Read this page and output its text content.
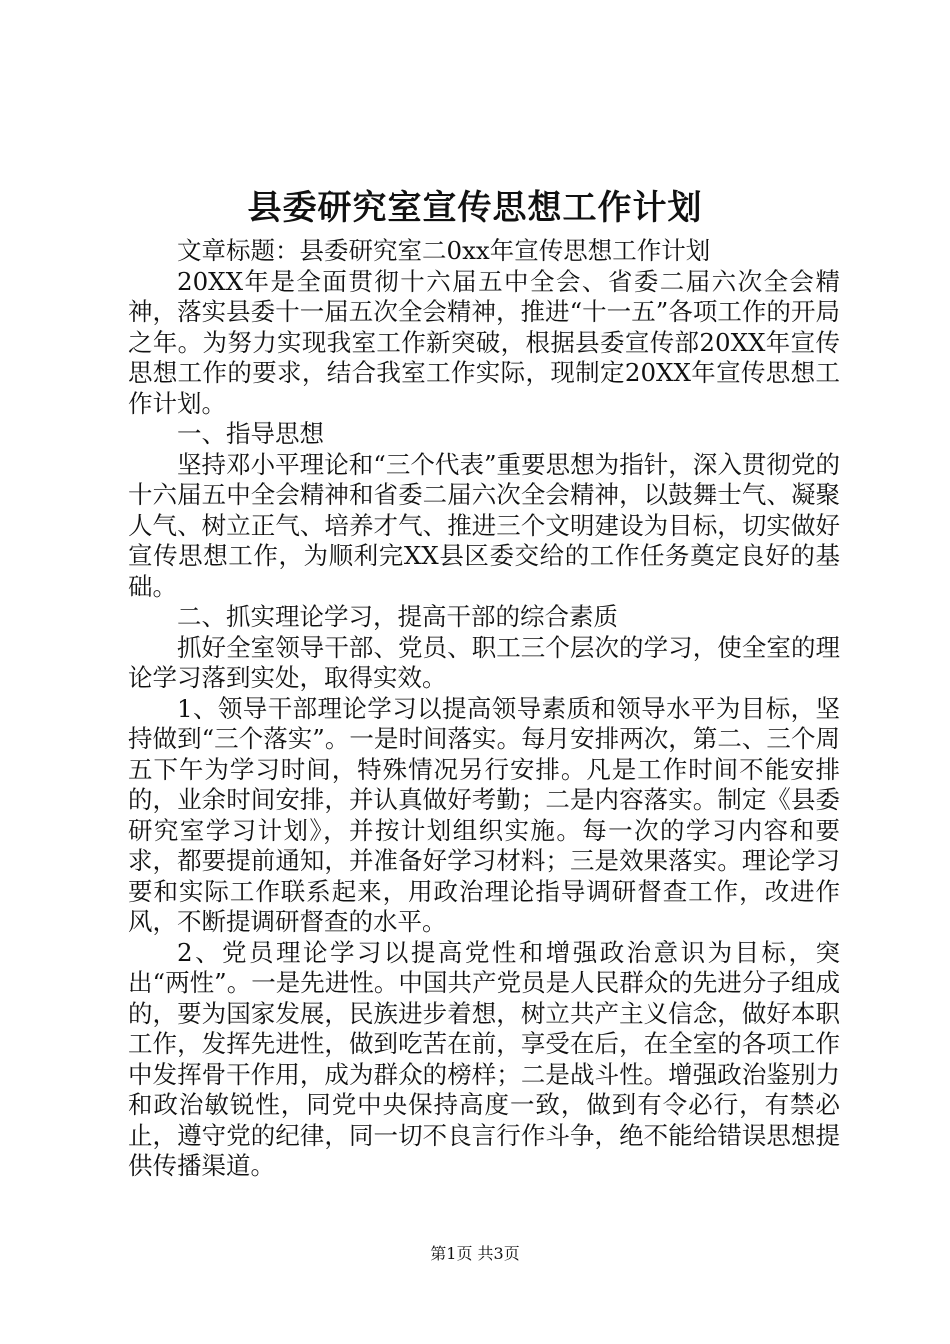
县委研究室宣传思想工作计划

文章标题：县委研究室二0xx年宣传思想工作计划

20XX年是全面贯彻十六届五中全会、省委二届六次全会精神，落实县委十一届五次全会精神，推进“十一五”各项工作的开局之年。为努力实现我室工作新突破，根据县委宣传部20XX年宣传思想工作的要求，结合我室工作实际，现制定20XX年宣传思想工作计划。

一、指导思想

坚持邓小平理论和“三个代表”重要思想为指针，深入贯彻党的十六届五中全会精神和省委二届六次全会精神，以鼓舞士气、凝聚人气、树立正气、培养才气、推进三个文明建设为目标，切实做好宣传思想工作，为顺利完XX县区委交给的工作任务奠定良好的基础。

二、抓实理论学习，提高干部的综合素质

抓好全室领导干部、党员、职工三个层次的学习，使全室的理论学习落到实处，取得实效。

1、领导干部理论学习以提高领导素质和领导水平为目标，坚持做到“三个落实”。一是时间落实。每月安排两次，第二、三个周五下午为学习时间，特殊情况另行安排。凡是工作时间不能安排的，业余时间安排，并认真做好考勤；二是内容落实。制定《县委研究室学习计划》，并按计划组织实施。每一次的学习内容和要求，都要提前通知，并准备好学习材料；三是效果落实。理论学习要和实际工作联系起来，用政治理论指导调研督查工作，改进作风，不断提调研督查的水平。

2、党员理论学习以提高党性和增强政治意识为目标，突出“两性”。一是先进性。中国共产党员是人民群众的先进分子组成的，要为国家发展，民族进步着想，树立共产主义信念，做好本职工作，发挥先进性，做到吃苦在前，享受在后，在全室的各项工作中发挥骨干作用，成为群众的榜样；二是战斗性。增强政治鉴别力和政治敏锐性，同党中央保持高度一致，做到有令必行，有禁必止，遵守党的纪律，同一切不良言行作斗争，绝不能给错误思想提供传播渠道。

第1页 共3页
